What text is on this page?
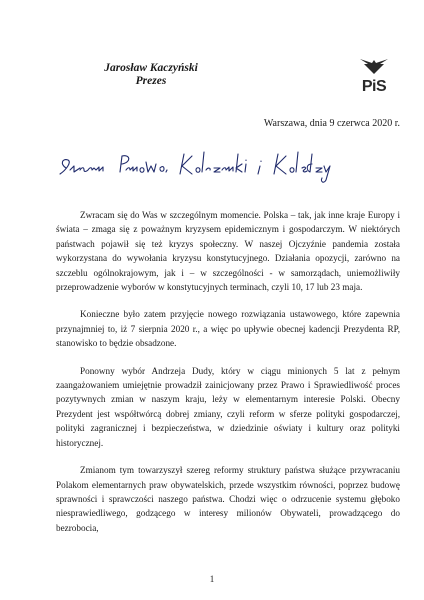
Jarosław Kaczyński
Prezes	PiS
Warszawa, dnia 9 czerwca 2020 r.

Zwracam się do Was w szczególnym momencie. Polska – tak, jak inne kraje Europy i świata – zmaga się z poważnym kryzysem epidemicznym i gospodarczym. W niektórych państwach pojawił się też kryzys społeczny. W naszej Ojczyźnie pandemia została wykorzystana do wywołania kryzysu konstytucyjnego. Działania opozycji, zarówno na szczeblu ogólnokrajowym, jak i – w szczególności - w samorządach, uniemożliwiły przeprowadzenie wyborów w konstytucyjnych terminach, czyli 10, 17 lub 23 maja.

Konieczne było zatem przyjęcie nowego rozwiązania ustawowego, które zapewnia przynajmniej to, iż 7 sierpnia 2020 r., a więc po upływie obecnej kadencji Prezydenta RP, stanowisko to będzie obsadzone.

Ponowny wybór Andrzeja Dudy, który w ciągu minionych 5 lat z pełnym zaangażowaniem umiejętnie prowadził zainicjowany przez Prawo i Sprawiedliwość proces pozytywnych zmian w naszym kraju, leży w elementarnym interesie Polski. Obecny Prezydent jest współtwórcą dobrej zmiany, czyli reform w sferze polityki gospodarczej, polityki zagranicznej i bezpieczeństwa, w dziedzinie oświaty i kultury oraz polityki historycznej.

Zmianom tym towarzyszył szereg reformy struktury państwa służące przywracaniu Polakom elementarnych praw obywatelskich, przede wszystkim równości, poprzez budowę sprawności i sprawczości naszego państwa. Chodzi więc o odrzucenie systemu głęboko niesprawiedliwego, godzącego w interesy milionów Obywateli, prowadzącego do bezrobocia,

1
